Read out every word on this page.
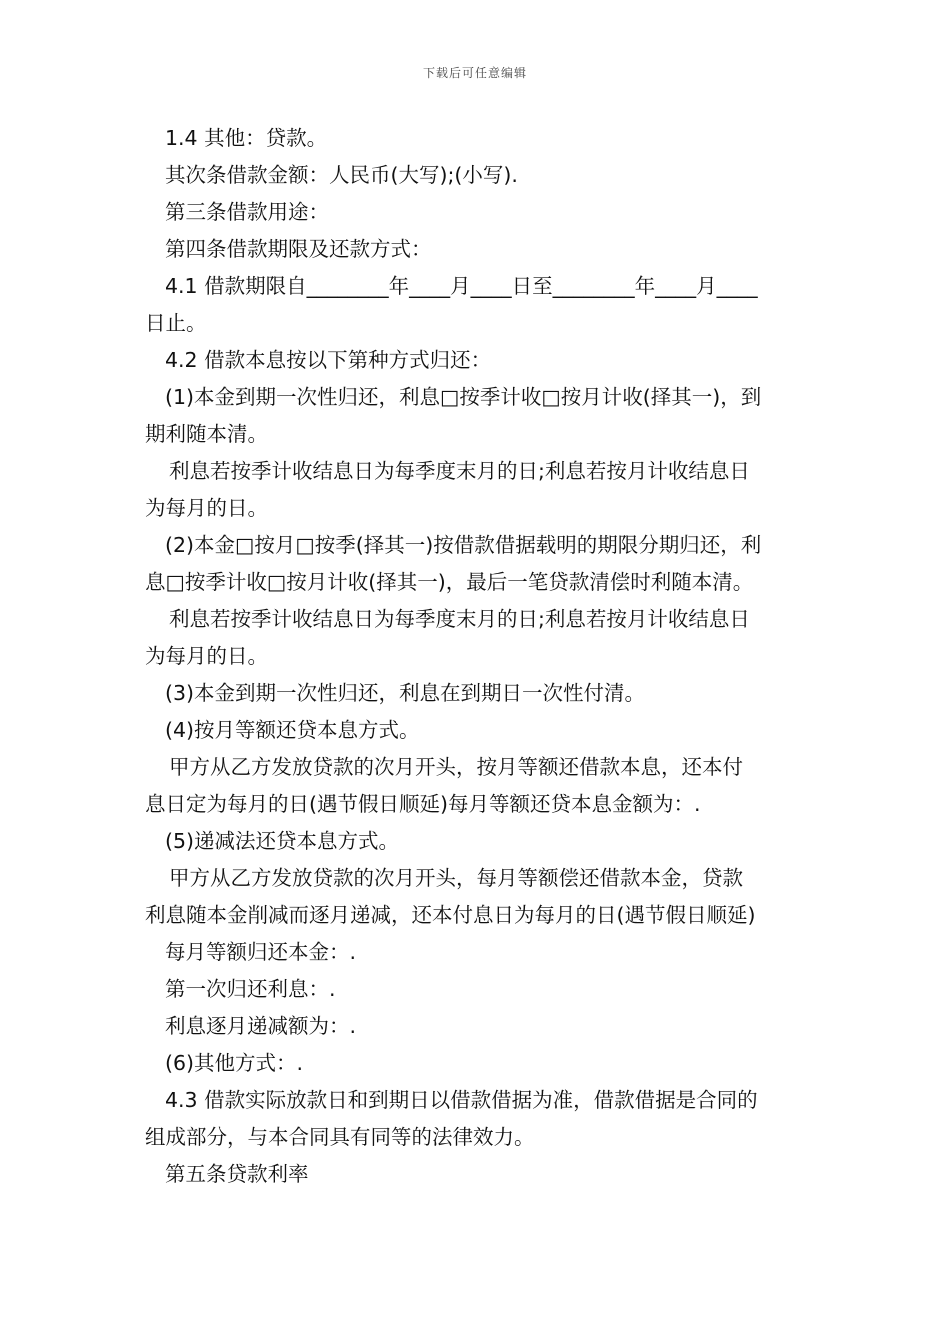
下载后可任意编辑
1.4 其他：贷款。
其次条借款金额：人民币(大写);(小写).
第三条借款用途：
第四条借款期限及还款方式：
4.1 借款期限自________年____月____日至________年____月____
日止。
4.2 借款本息按以下第种方式归还：
(1)本金到期一次性归还，利息□按季计收□按月计收(择其一)，到
期利随本清。
利息若按季计收结息日为每季度末月的日;利息若按月计收结息日
为每月的日。
(2)本金□按月□按季(择其一)按借款借据载明的期限分期归还，利
息□按季计收□按月计收(择其一)，最后一笔贷款清偿时利随本清。
利息若按季计收结息日为每季度末月的日;利息若按月计收结息日
为每月的日。
(3)本金到期一次性归还，利息在到期日一次性付清。
(4)按月等额还贷本息方式。
甲方从乙方发放贷款的次月开头，按月等额还借款本息，还本付
息日定为每月的日(遇节假日顺延)每月等额还贷本息金额为：.
(5)递减法还贷本息方式。
甲方从乙方发放贷款的次月开头，每月等额偿还借款本金，贷款
利息随本金削减而逐月递减，还本付息日为每月的日(遇节假日顺延)
每月等额归还本金：.
第一次归还利息：.
利息逐月递减额为：.
(6)其他方式：.
4.3 借款实际放款日和到期日以借款借据为准，借款借据是合同的
组成部分，与本合同具有同等的法律效力。
第五条贷款利率
